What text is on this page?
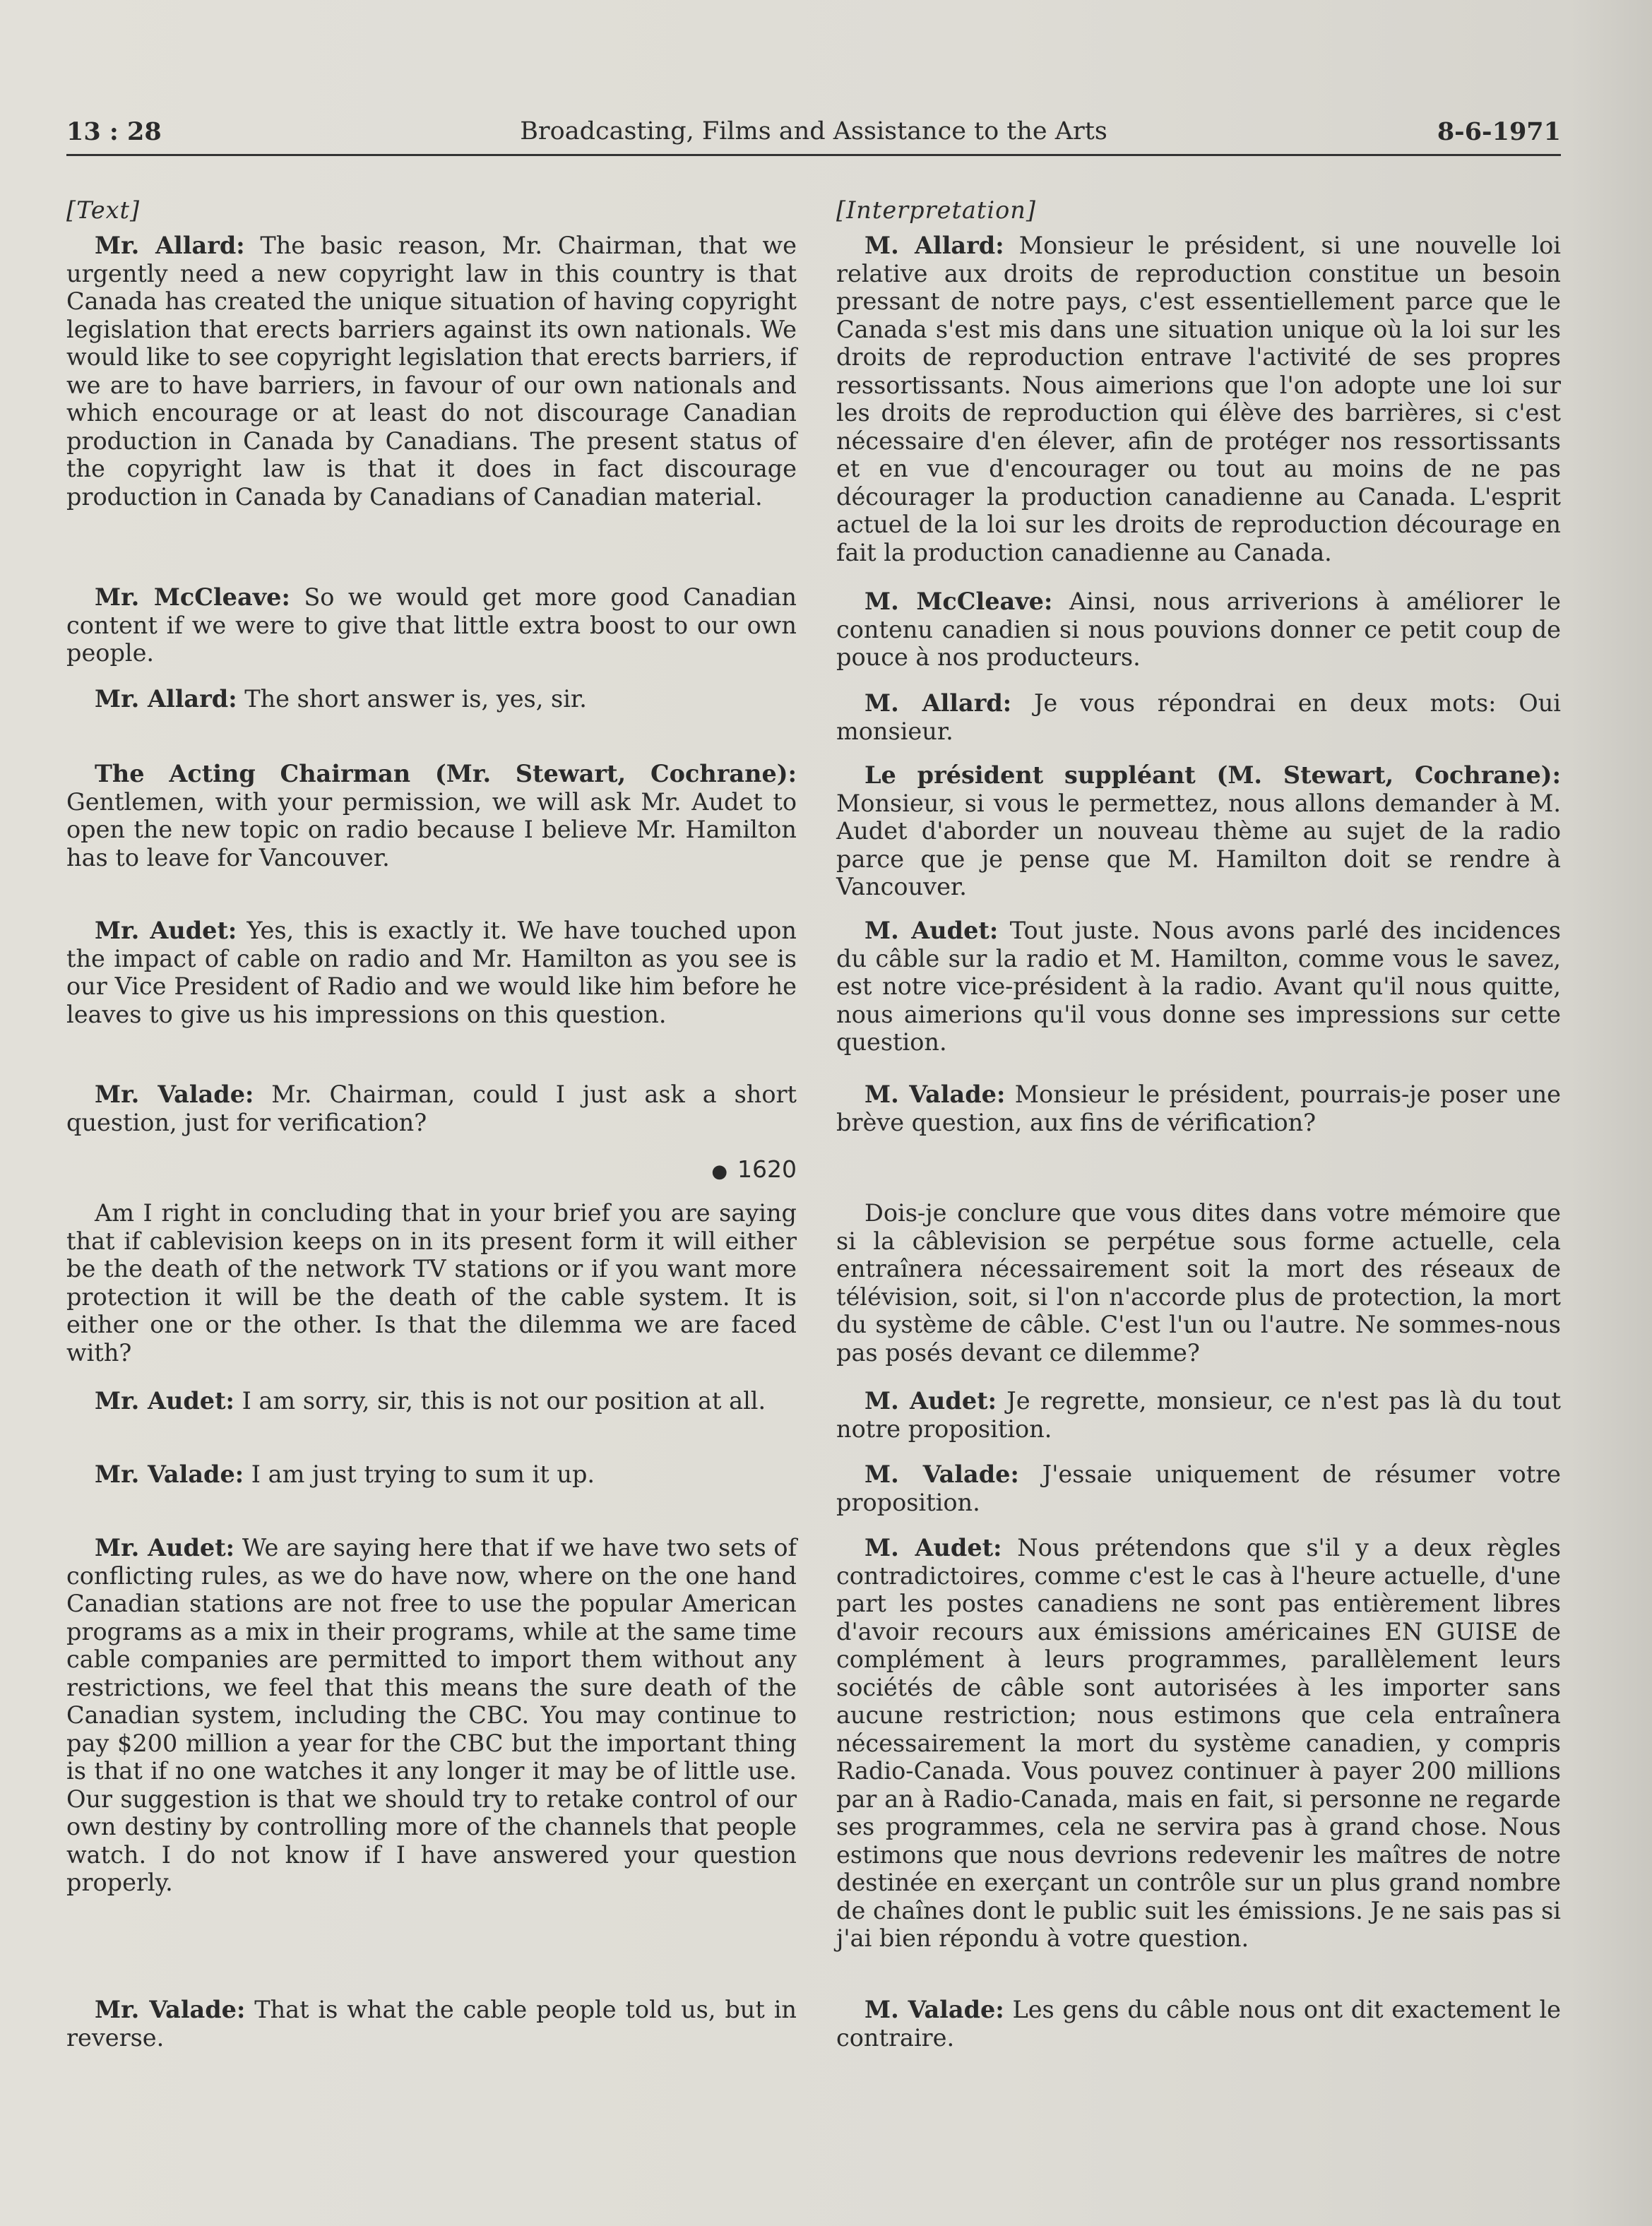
13 : 28	Broadcasting, Films and Assistance to the Arts	8-6-1971
[Text]

Mr. Allard: The basic reason, Mr. Chairman, that we urgently need a new copyright law in this country is that Canada has created the unique situation of having copyright legislation that erects barriers against its own nationals. We would like to see copyright legislation that erects barriers, if we are to have barriers, in favour of our own nationals and which encourage or at least do not discourage Canadian production in Canada by Canadians. The present status of the copyright law is that it does in fact discourage production in Canada by Canadians of Canadian material.

Mr. McCleave: So we would get more good Canadian content if we were to give that little extra boost to our own people.

Mr. Allard: The short answer is, yes, sir.

The Acting Chairman (Mr. Stewart, Cochrane): Gentlemen, with your permission, we will ask Mr. Audet to open the new topic on radio because I believe Mr. Hamilton has to leave for Vancouver.

Mr. Audet: Yes, this is exactly it. We have touched upon the impact of cable on radio and Mr. Hamilton as you see is our Vice President of Radio and we would like him before he leaves to give us his impressions on this question.

Mr. Valade: Mr. Chairman, could I just ask a short question, just for verification?

● 1620

Am I right in concluding that in your brief you are saying that if cablevision keeps on in its present form it will either be the death of the network TV stations or if you want more protection it will be the death of the cable system. It is either one or the other. Is that the dilemma we are faced with?

Mr. Audet: I am sorry, sir, this is not our position at all.

Mr. Valade: I am just trying to sum it up.

Mr. Audet: We are saying here that if we have two sets of conflicting rules, as we do have now, where on the one hand Canadian stations are not free to use the popular American programs as a mix in their programs, while at the same time cable companies are permitted to import them without any restrictions, we feel that this means the sure death of the Canadian system, including the CBC. You may continue to pay $200 million a year for the CBC but the important thing is that if no one watches it any longer it may be of little use. Our suggestion is that we should try to retake control of our own destiny by controlling more of the channels that people watch. I do not know if I have answered your question properly.

Mr. Valade: That is what the cable people told us, but in reverse.

[Interpretation]

M. Allard: Monsieur le président, si une nouvelle loi relative aux droits de reproduction constitue un besoin pressant de notre pays, c'est essentiellement parce que le Canada s'est mis dans une situation unique où la loi sur les droits de reproduction entrave l'activité de ses propres ressortissants. Nous aimerions que l'on adopte une loi sur les droits de reproduction qui élève des barrières, si c'est nécessaire d'en élever, afin de protéger nos ressortissants et en vue d'encourager ou tout au moins de ne pas décourager la production canadienne au Canada. L'esprit actuel de la loi sur les droits de reproduction décourage en fait la production canadienne au Canada.

M. McCleave: Ainsi, nous arriverions à améliorer le contenu canadien si nous pouvions donner ce petit coup de pouce à nos producteurs.

M. Allard: Je vous répondrai en deux mots: Oui monsieur.

Le président suppléant (M. Stewart, Cochrane): Monsieur, si vous le permettez, nous allons demander à M. Audet d'aborder un nouveau thème au sujet de la radio parce que je pense que M. Hamilton doit se rendre à Vancouver.

M. Audet: Tout juste. Nous avons parlé des incidences du câble sur la radio et M. Hamilton, comme vous le savez, est notre vice-président à la radio. Avant qu'il nous quitte, nous aimerions qu'il vous donne ses impressions sur cette question.

M. Valade: Monsieur le président, pourrais-je poser une brève question, aux fins de vérification?

Dois-je conclure que vous dites dans votre mémoire que si la câblevision se perpétue sous forme actuelle, cela entraînera nécessairement soit la mort des réseaux de télévision, soit, si l'on n'accorde plus de protection, la mort du système de câble. C'est l'un ou l'autre. Ne sommes-nous pas posés devant ce dilemme?

M. Audet: Je regrette, monsieur, ce n'est pas là du tout notre proposition.

M. Valade: J'essaie uniquement de résumer votre proposition.

M. Audet: Nous prétendons que s'il y a deux règles contradictoires, comme c'est le cas à l'heure actuelle, d'une part les postes canadiens ne sont pas entièrement libres d'avoir recours aux émissions américaines EN GUISE de complément à leurs programmes, parallèlement leurs sociétés de câble sont autorisées à les importer sans aucune restriction; nous estimons que cela entraînera nécessairement la mort du système canadien, y compris Radio-Canada. Vous pouvez continuer à payer 200 millions par an à Radio-Canada, mais en fait, si personne ne regarde ses programmes, cela ne servira pas à grand chose. Nous estimons que nous devrions redevenir les maîtres de notre destinée en exerçant un contrôle sur un plus grand nombre de chaînes dont le public suit les émissions. Je ne sais pas si j'ai bien répondu à votre question.

M. Valade: Les gens du câble nous ont dit exactement le contraire.
